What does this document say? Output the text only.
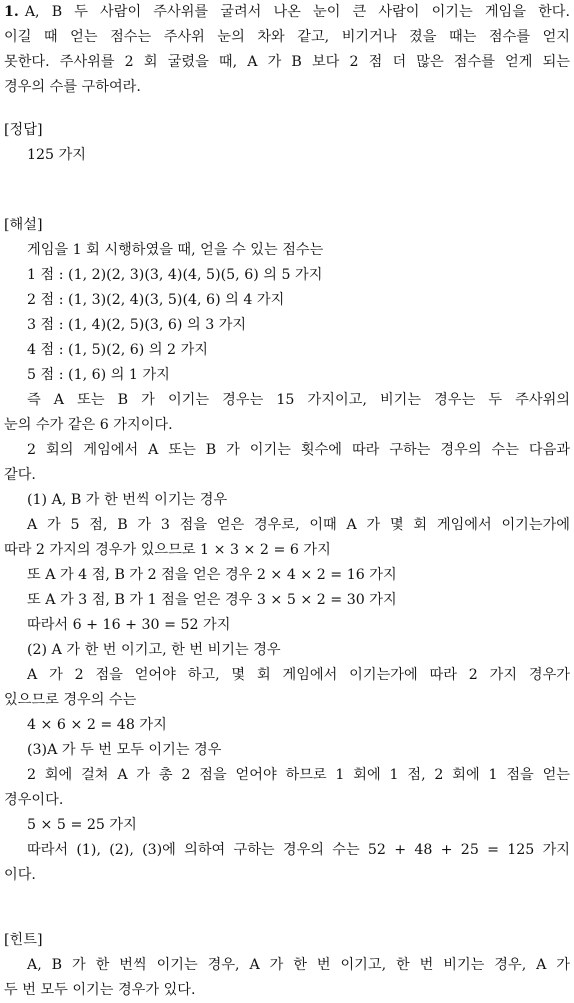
1. A, B 두 사람이 주사위를 굴려서 나온 눈이 큰 사람이 이기는 게임을 한다.
이길 때 얻는 점수는 주사위 눈의 차와 같고, 비기거나 졌을 때는 점수를 얻지
못한다. 주사위를 2 회 굴렸을 때, A 가 B 보다 2 점 더 많은 점수를 얻게 되는
경우의 수를 구하여라.
[정답]
125 가지
[해설]
게임을 1 회 시행하였을 때, 얻을 수 있는 점수는
1 점 : (1, 2)(2, 3)(3, 4)(4, 5)(5, 6) 의 5 가지
2 점 : (1, 3)(2, 4)(3, 5)(4, 6) 의 4 가지
3 점 : (1, 4)(2, 5)(3, 6) 의 3 가지
4 점 : (1, 5)(2, 6) 의 2 가지
5 점 : (1, 6) 의 1 가지
즉 A 또는 B 가 이기는 경우는 15 가지이고, 비기는 경우는 두 주사위의
눈의 수가 같은 6 가지이다.
2 회의 게임에서 A 또는 B 가 이기는 횟수에 따라 구하는 경우의 수는 다음과
같다.
(1) A, B 가 한 번씩 이기는 경우
A 가 5 점, B 가 3 점을 얻은 경우로, 이때 A 가 몇 회 게임에서 이기는가에
따라 2 가지의 경우가 있으므로 1 × 3 × 2 = 6 가지
또 A 가 4 점, B 가 2 점을 얻은 경우 2 × 4 × 2 = 16 가지
또 A 가 3 점, B 가 1 점을 얻은 경우 3 × 5 × 2 = 30 가지
따라서 6 + 16 + 30 = 52 가지
(2) A 가 한 번 이기고, 한 번 비기는 경우
A 가 2 점을 얻어야 하고, 몇 회 게임에서 이기는가에 따라 2 가지 경우가
있으므로 경우의 수는
4 × 6 × 2 = 48 가지
(3)A 가 두 번 모두 이기는 경우
2 회에 걸쳐 A 가 총 2 점을 얻어야 하므로 1 회에 1 점, 2 회에 1 점을 얻는
경우이다.
5 × 5 = 25 가지
따라서 (1), (2), (3)에 의하여 구하는 경우의 수는 52 + 48 + 25 = 125 가지
이다.
[힌트]
A, B 가 한 번씩 이기는 경우, A 가 한 번 이기고, 한 번 비기는 경우, A 가
두 번 모두 이기는 경우가 있다.
